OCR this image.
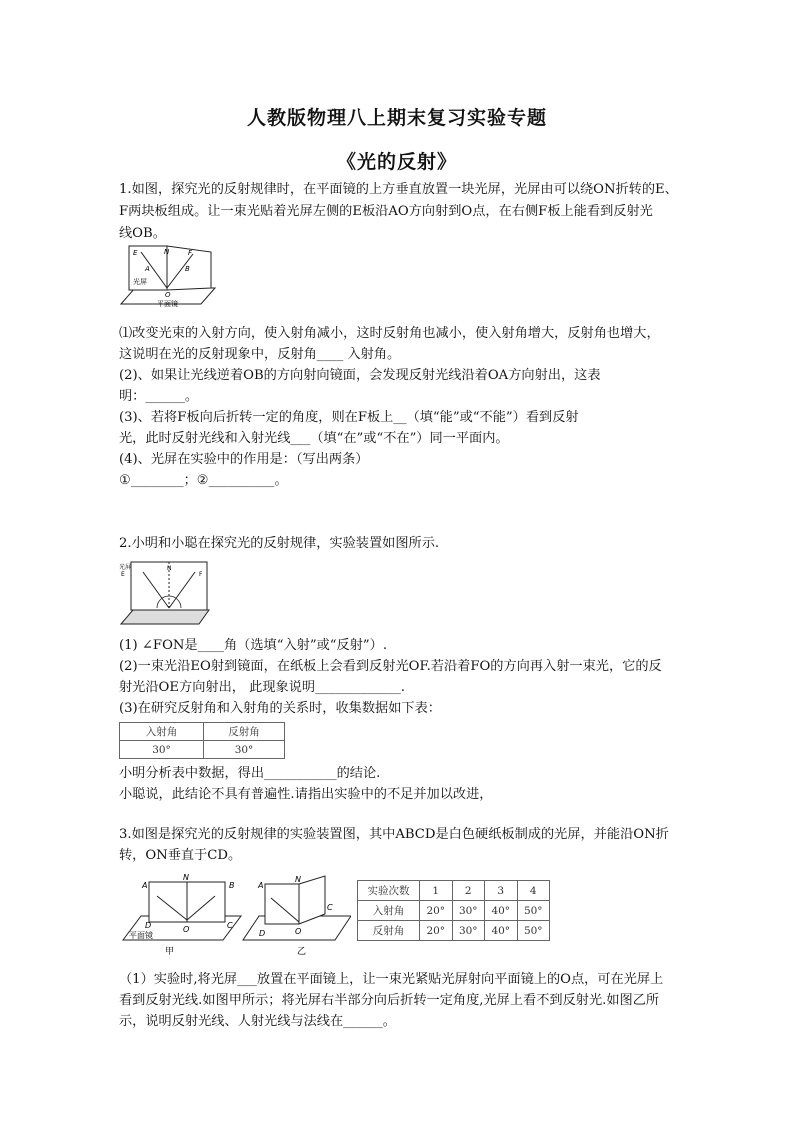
人教版物理八上期末复习实验专题
《光的反射》
1.如图，探究光的反射规律时，在平面镜的上方垂直放置一块光屏，光屏由可以绕ON折转的E、
F两块板组成。让一束光贴着光屏左侧的E板沿AO方向射到O点，在右侧F板上能看到反射光
线OB。
E	N	F
A	B
O
光屏
平面镜
⑴改变光束的入射方向，使入射角减小，这时反射角也减小，使入射角增大，反射角也增大，
这说明在光的反射现象中，反射角____ 入射角。
(2)、如果让光线逆着OB的方向射向镜面，会发现反射光线沿着OA方向射出，这表
明：______。
(3)、若将F板向后折转一定的角度，则在F板上__（填“能”或“不能”）看到反射
光，此时反射光线和入射光线___（填“在”或“不在”）同一平面内。
(4)、光屏在实验中的作用是：（写出两条）
①________；②__________。
2.小明和小聪在探究光的反射规律，实验装置如图所示.
光屏
E
N
F
(1) ∠FON是____角（选填“入射”或“反射”）.
(2)一束光沿EO射到镜面，在纸板上会看到反射光OF.若沿着FO的方向再入射一束光，它的反
射光沿OE方向射出， 此现象说明_____________.
(3)在研究反射角和入射角的关系时，收集数据如下表：
入射角	反射角
30°	30°
小明分析表中数据，得出___________的结论.
小聪说，此结论不具有普遍性.请指出实验中的不足并加以改进，
3.如图是探究光的反射规律的实验装置图，其中ABCD是白色硬纸板制成的光屏，并能沿ON折
转，ON垂直于CD。
A
N
B
C
D	O
平面镜
甲
A
N
C
D	O
乙
实验次数	1	2	3	4
入射角	20°	30°	40°	50°
反射角	20°	30°	40°	50°
（1）实验时,将光屏___放置在平面镜上，让一束光紧贴光屏射向平面镜上的O点，可在光屏上
看到反射光线.如图甲所示；将光屏右半部分向后折转一定角度,光屏上看不到反射光.如图乙所
示，说明反射光线、人射光线与法线在______。
